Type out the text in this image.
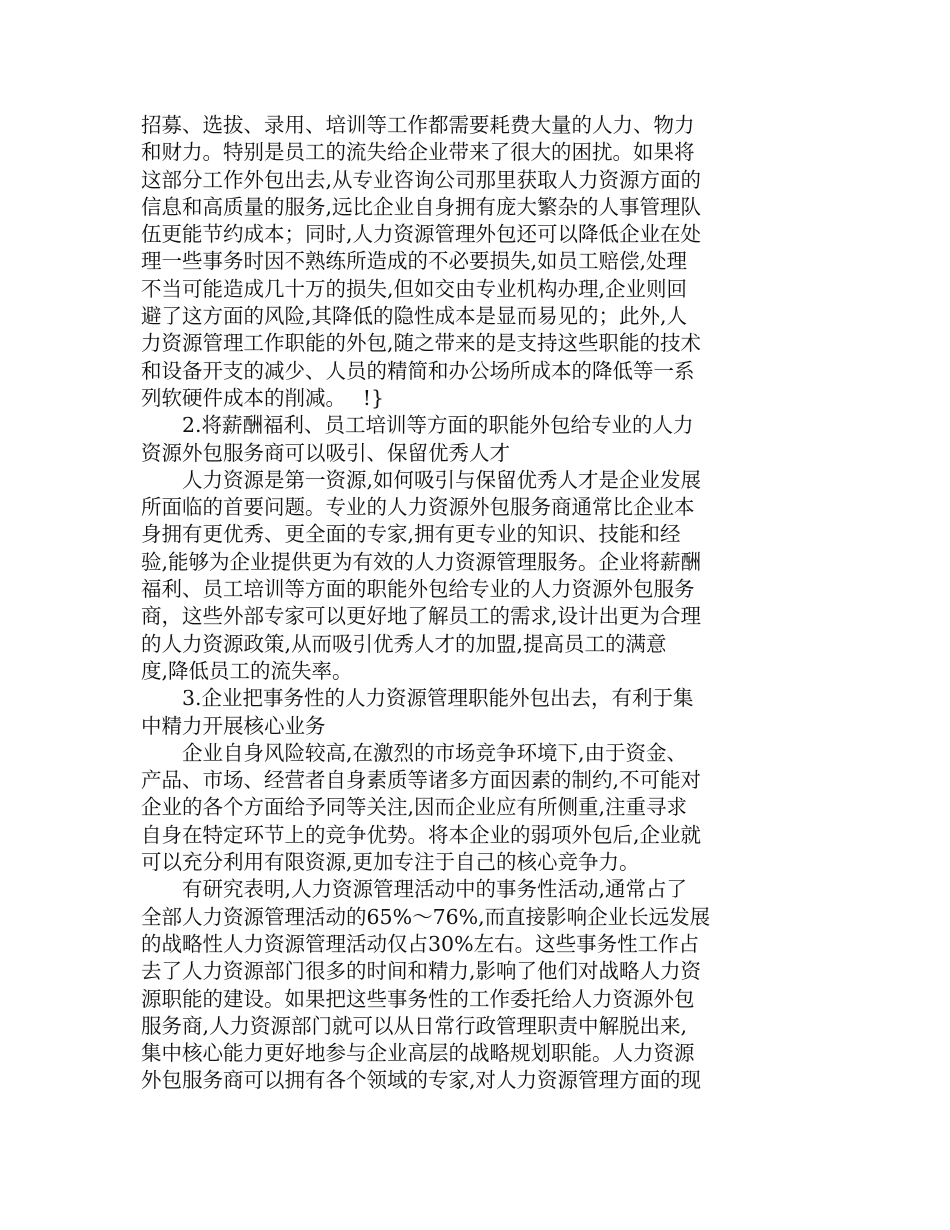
招募、选拔、录用、培训等工作都需要耗费大量的人力、物力
和财力。特别是员工的流失给企业带来了很大的困扰。如果将
这部分工作外包出去,从专业咨询公司那里获取人力资源方面的
信息和高质量的服务,远比企业自身拥有庞大繁杂的人事管理队
伍更能节约成本；同时,人力资源管理外包还可以降低企业在处
理一些事务时因不熟练所造成的不必要损失,如员工赔偿,处理
不当可能造成几十万的损失,但如交由专业机构办理,企业则回
避了这方面的风险,其降低的隐性成本是显而易见的；此外,人
力资源管理工作职能的外包,随之带来的是支持这些职能的技术
和设备开支的减少、人员的精简和办公场所成本的降低等一系
列软硬件成本的削减。　 !}
　　2.将薪酬福利、员工培训等方面的职能外包给专业的人力
资源外包服务商可以吸引、保留优秀人才
　　人力资源是第一资源,如何吸引与保留优秀人才是企业发展
所面临的首要问题。专业的人力资源外包服务商通常比企业本
身拥有更优秀、更全面的专家,拥有更专业的知识、技能和经
验,能够为企业提供更为有效的人力资源管理服务。企业将薪酬
福利、员工培训等方面的职能外包给专业的人力资源外包服务
商，这些外部专家可以更好地了解员工的需求,设计出更为合理
的人力资源政策,从而吸引优秀人才的加盟,提高员工的满意
度,降低员工的流失率。
　　3.企业把事务性的人力资源管理职能外包出去，有利于集
中精力开展核心业务
　　企业自身风险较高,在激烈的市场竞争环境下,由于资金、
产品、市场、经营者自身素质等诸多方面因素的制约,不可能对
企业的各个方面给予同等关注,因而企业应有所侧重,注重寻求
自身在特定环节上的竞争优势。将本企业的弱项外包后,企业就
可以充分利用有限资源,更加专注于自己的核心竞争力。
　　有研究表明,人力资源管理活动中的事务性活动,通常占了
全部人力资源管理活动的65%～76%,而直接影响企业长远发展
的战略性人力资源管理活动仅占30%左右。这些事务性工作占
去了人力资源部门很多的时间和精力,影响了他们对战略人力资
源职能的建设。如果把这些事务性的工作委托给人力资源外包
服务商,人力资源部门就可以从日常行政管理职责中解脱出来,
集中核心能力更好地参与企业高层的战略规划职能。人力资源
外包服务商可以拥有各个领域的专家,对人力资源管理方面的现
